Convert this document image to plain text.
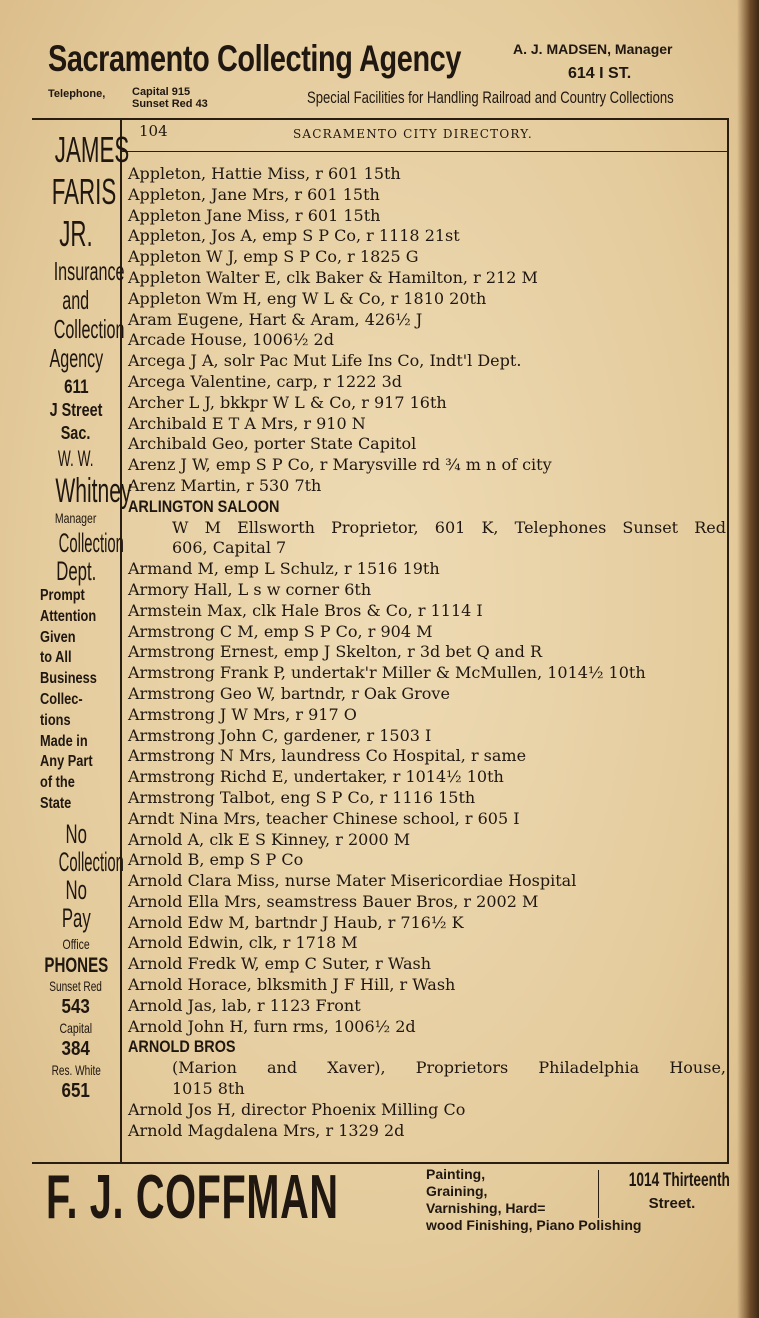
Sacramento Collecting Agency	A. J. MADSEN, Manager
614 I ST.
Telephone, Capital 915
Sunset Red 43	Special Facilities for Handling Railroad and Country Collections
JAMES
FARIS
JR.
Insurance
and
Collection
Agency
611
J Street
Sac.
W. W.
Whitney
Manager
Collection
Dept.
Prompt
Attention
Given
to All
Business
Collec-
tions
Made in
Any Part
of the
State
No
Collection
No
Pay
Office
PHONES
Sunset Red
543
Capital
384
Res. White
651
104	SACRAMENTO CITY DIRECTORY.
Appleton, Hattie Miss, r 601 15th
Appleton, Jane Mrs, r 601 15th
Appleton Jane Miss, r 601 15th
Appleton, Jos A, emp S P Co, r 1118 21st
Appleton W J, emp S P Co, r 1825 G
Appleton Walter E, clk Baker & Hamilton, r 212 M
Appleton Wm H, eng W L & Co, r 1810 20th
Aram Eugene, Hart & Aram, 426½ J
Arcade House, 1006½ 2d
Arcega J A, solr Pac Mut Life Ins Co, Indt'l Dept.
Arcega Valentine, carp, r 1222 3d
Archer L J, bkkpr W L & Co, r 917 16th
Archibald E T A Mrs, r 910 N
Archibald Geo, porter State Capitol
Arenz J W, emp S P Co, r Marysville rd ¾ m n of city
Arenz Martin, r 530 7th
ARLINGTON SALOON
W M Ellsworth Proprietor, 601 K, Telephones Sunset Red
606, Capital 7
Armand M, emp L Schulz, r 1516 19th
Armory Hall, L s w corner 6th
Armstein Max, clk Hale Bros & Co, r 1114 I
Armstrong C M, emp S P Co, r 904 M
Armstrong Ernest, emp J Skelton, r 3d bet Q and R
Armstrong Frank P, undertak'r Miller & McMullen, 1014½ 10th
Armstrong Geo W, bartndr, r Oak Grove
Armstrong J W Mrs, r 917 O
Armstrong John C, gardener, r 1503 I
Armstrong N Mrs, laundress Co Hospital, r same
Armstrong Richd E, undertaker, r 1014½ 10th
Armstrong Talbot, eng S P Co, r 1116 15th
Arndt Nina Mrs, teacher Chinese school, r 605 I
Arnold A, clk E S Kinney, r 2000 M
Arnold B, emp S P Co
Arnold Clara Miss, nurse Mater Misericordiae Hospital
Arnold Ella Mrs, seamstress Bauer Bros, r 2002 M
Arnold Edw M, bartndr J Haub, r 716½ K
Arnold Edwin, clk, r 1718 M
Arnold Fredk W, emp C Suter, r Wash
Arnold Horace, blksmith J F Hill, r Wash
Arnold Jas, lab, r 1123 Front
Arnold John H, furn rms, 1006½ 2d
ARNOLD BROS
(Marion and Xaver), Proprietors Philadelphia House,
1015 8th
Arnold Jos H, director Phoenix Milling Co
Arnold Magdalena Mrs, r 1329 2d
F. J. COFFMAN	Painting,
Graining,
Varnishing, Hard=
wood Finishing, Piano Polishing
1014 Thirteenth
Street.
